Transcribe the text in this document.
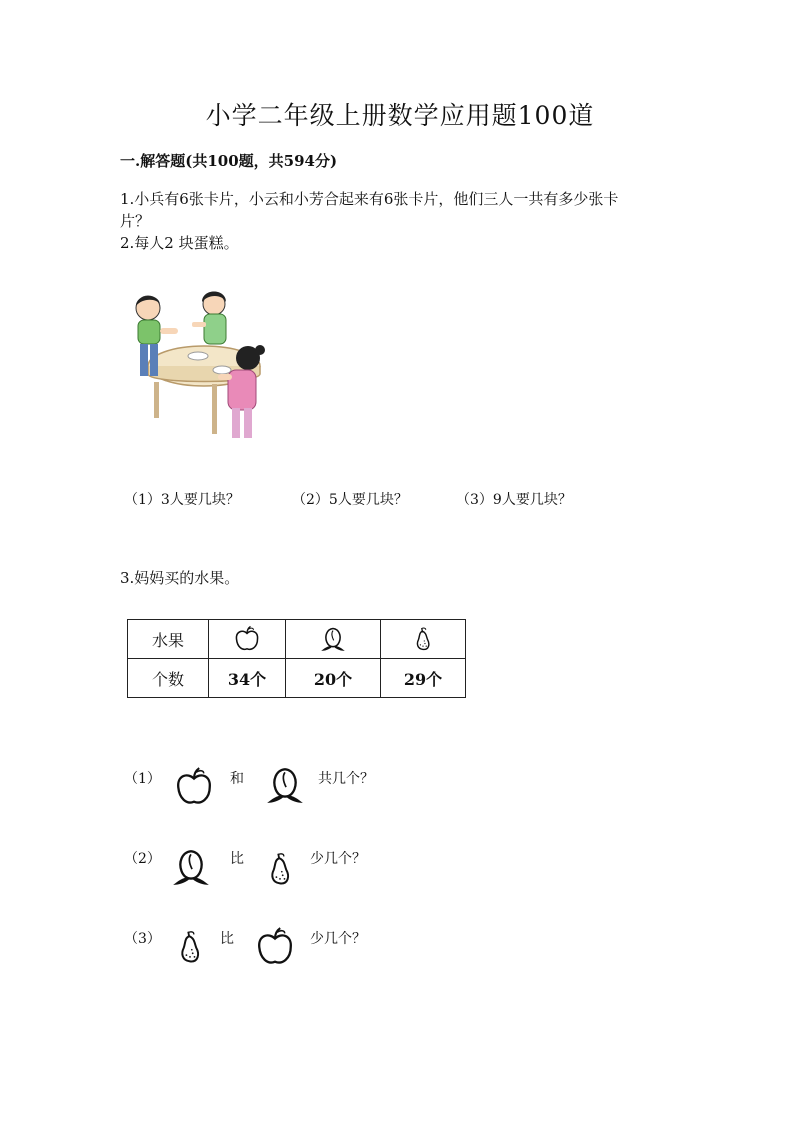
小学二年级上册数学应用题100道
一.解答题(共100题，共594分)
1.小兵有6张卡片，小云和小芳合起来有6张卡片，他们三人一共有多少张卡
片？
2.每人2 块蛋糕。
（1）3人要几块？	（2）5人要几块？	（3）9人要几块？
3.妈妈买的水果。
水果			
个数	34个	20个	29个
（1）	和	共几个？
（2）	比	少几个？
（3）	比	少几个？
